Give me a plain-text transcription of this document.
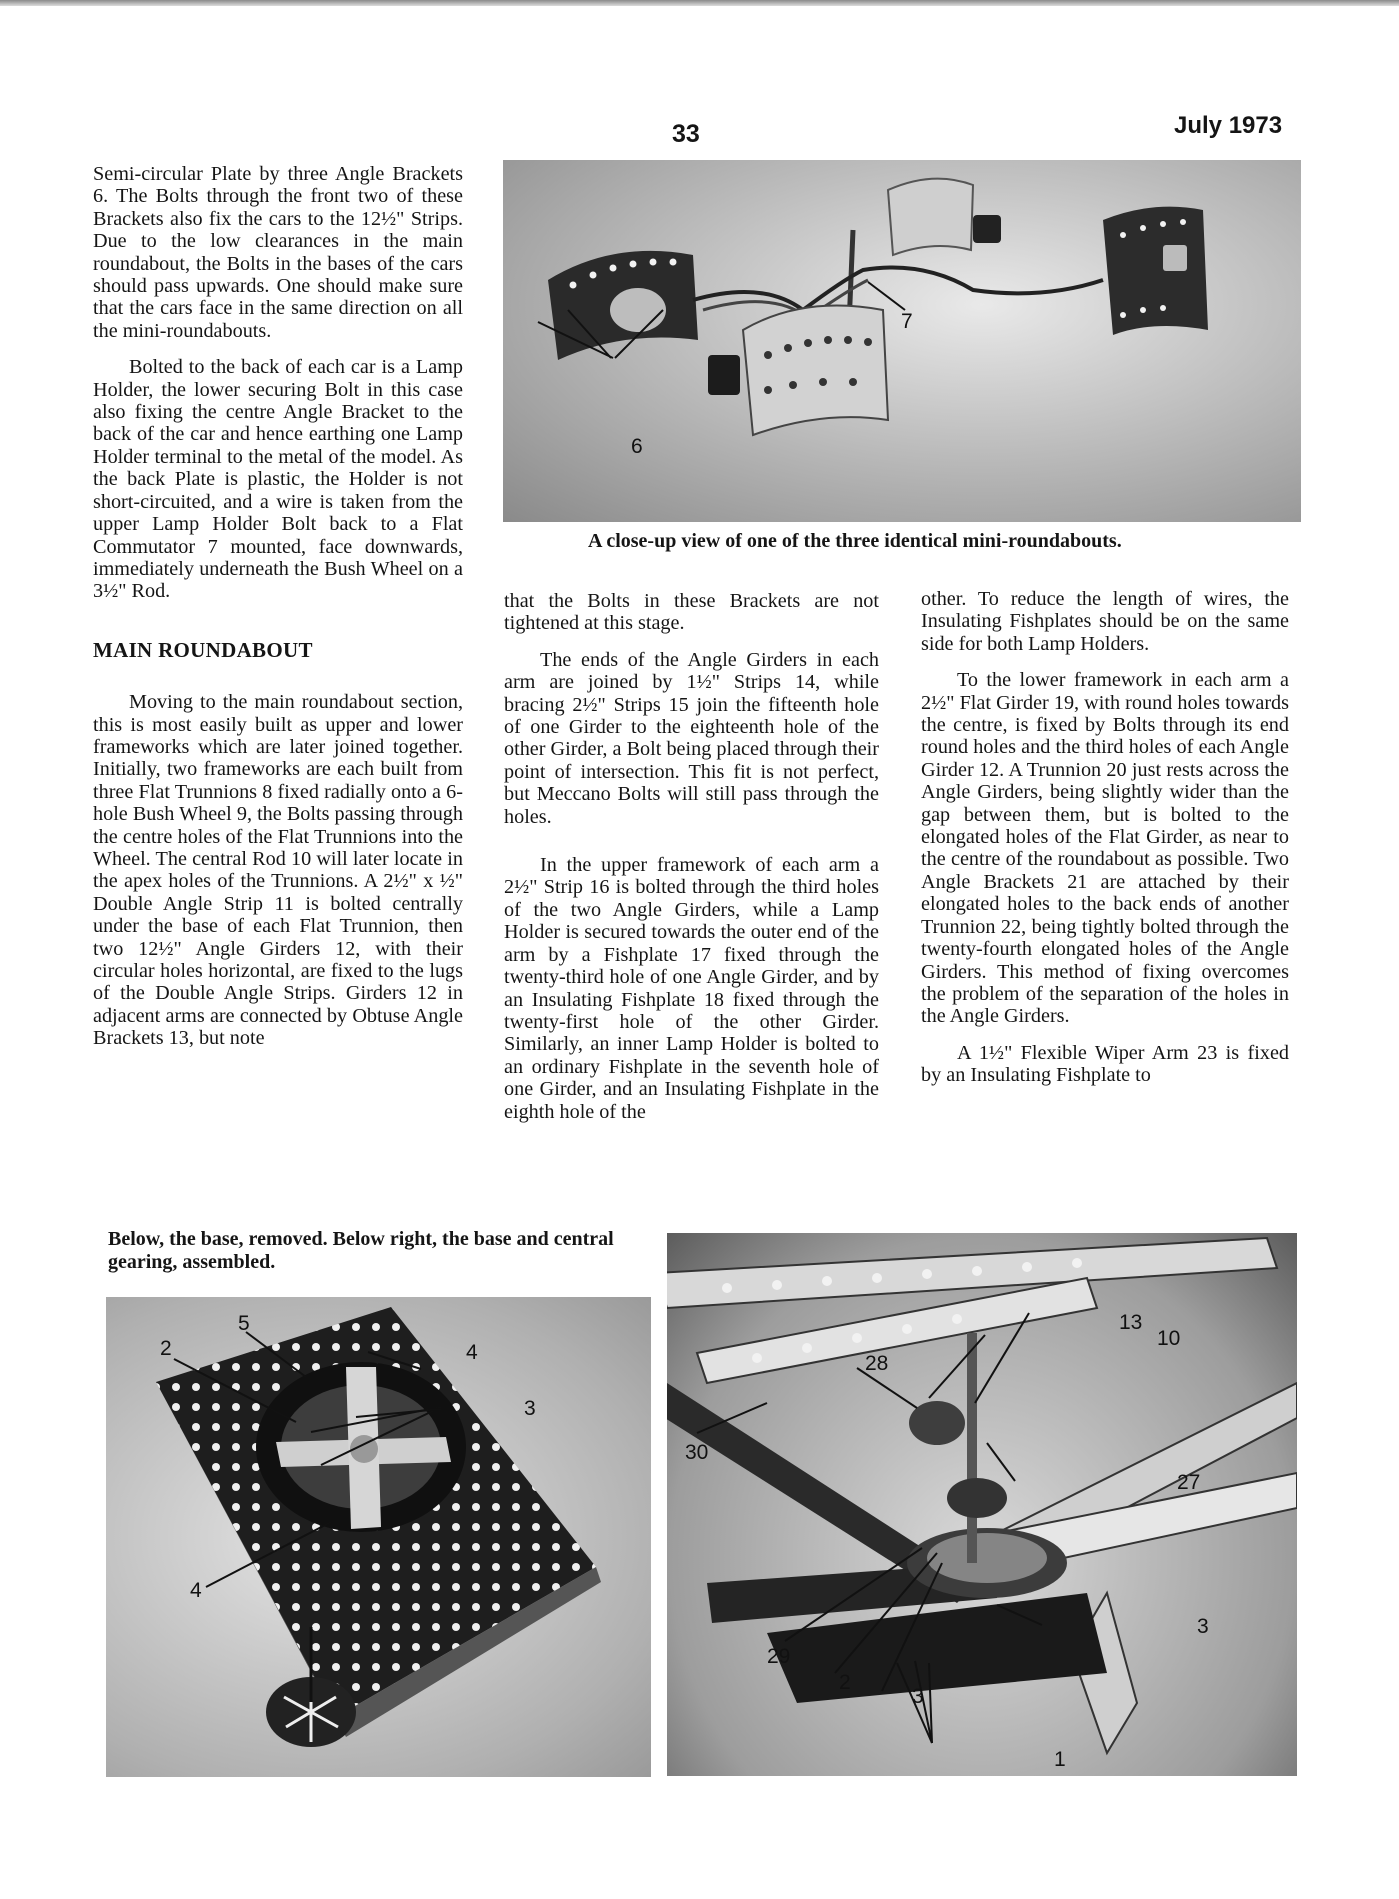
33	July 1973
6
7
A close-up view of one of the three identical mini-roundabouts.

Semi-circular Plate by three Angle Brackets 6. The Bolts through the front two of these Brackets also fix the cars to the 12½" Strips. Due to the low clearances in the main roundabout, the Bolts in the bases of the cars should pass upwards. One should make sure that the cars face in the same direction on all the mini-roundabouts.

Bolted to the back of each car is a Lamp Holder, the lower securing Bolt in this case also fixing the centre Angle Bracket to the back of the car and hence earthing one Lamp Holder terminal to the metal of the model. As the back Plate is plastic, the Holder is not short-circuited, and a wire is taken from the upper Lamp Holder Bolt back to a Flat Commutator 7 mounted, face downwards, immediately underneath the Bush Wheel on a 3½" Rod.

MAIN ROUNDABOUT

Moving to the main roundabout section, this is most easily built as upper and lower frameworks which are later joined together. Initially, two frameworks are each built from three Flat Trunnions 8 fixed radially onto a 6-hole Bush Wheel 9, the Bolts passing through the centre holes of the Flat Trunnions into the Wheel. The central Rod 10 will later locate in the apex holes of the Trunnions. A 2½" x ½" Double Angle Strip 11 is bolted centrally under the base of each Flat Trunnion, then two 12½" Angle Girders 12, with their circular holes horizontal, are fixed to the lugs of the Double Angle Strips. Girders 12 in adjacent arms are connected by Obtuse Angle Brackets 13, but note

that the Bolts in these Brackets are not tightened at this stage.

The ends of the Angle Girders in each arm are joined by 1½" Strips 14, while bracing 2½" Strips 15 join the fifteenth hole of one Girder to the eighteenth hole of the other Girder, a Bolt being placed through their point of intersection. This fit is not perfect, but Meccano Bolts will still pass through the holes.

In the upper framework of each arm a 2½" Strip 16 is bolted through the third holes of the two Angle Girders, while a Lamp Holder is secured towards the outer end of the arm by a Fishplate 17 fixed through the twenty-third hole of one Angle Girder, and by an Insulating Fishplate 18 fixed through the twenty-first hole of the other Girder. Similarly, an inner Lamp Holder is bolted to an ordinary Fishplate in the seventh hole of one Girder, and an Insulating Fishplate in the eighth hole of the

other. To reduce the length of wires, the Insulating Fishplates should be on the same side for both Lamp Holders.

To the lower framework in each arm a 2½" Flat Girder 19, with round holes towards the centre, is fixed by Bolts through its end round holes and the third holes of each Angle Girder 12. A Trunnion 20 just rests across the Angle Girders, being slightly wider than the gap between them, but is bolted to the elongated holes of the Flat Girder, as near to the centre of the roundabout as possible. Two Angle Brackets 21 are attached by their elongated holes to the back ends of another Trunnion 22, being tightly bolted through the twenty-fourth elongated holes of the Angle Girders. This method of fixing overcomes the problem of the separation of the holes in the Angle Girders.

A 1½" Flexible Wiper Arm 23 is fixed by an Insulating Fishplate to

Below, the base, removed. Below right, the base and central gearing, assembled.
2
5
4
3
4
13
10
28
30
27
3
29
2
3
1
